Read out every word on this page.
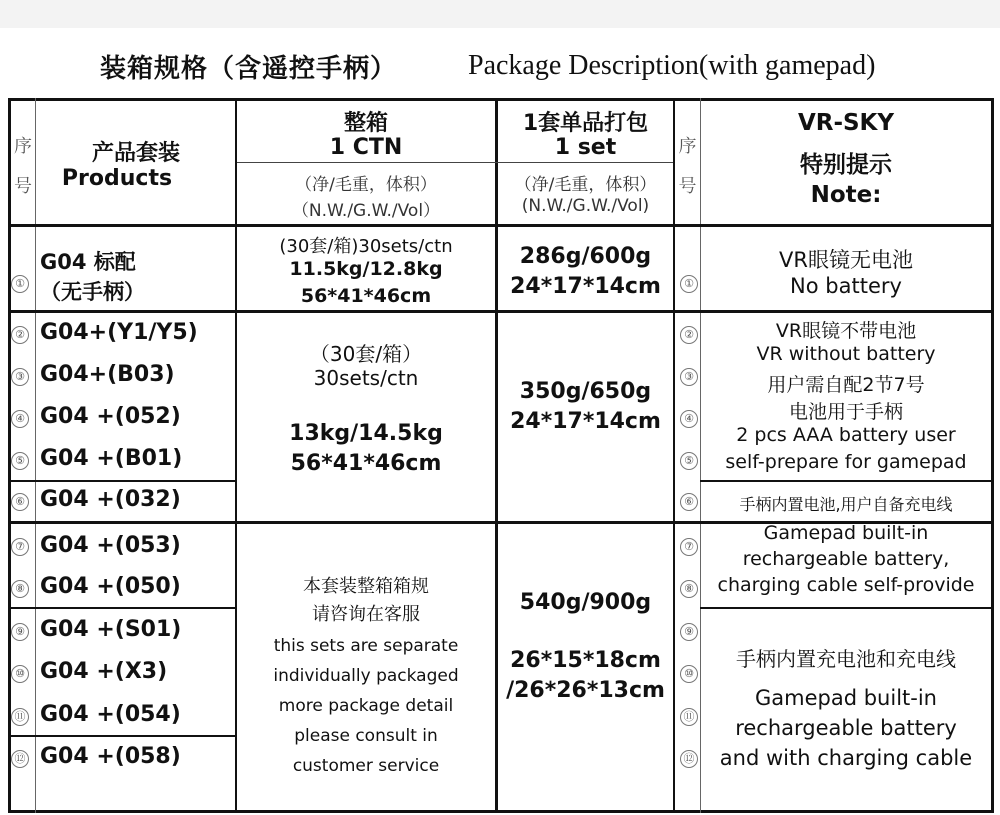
装箱规格（含遥控手柄）	Package Description(with gamepad)
序
号
产品套装
Products
整箱
1 CTN
（净/毛重，体积）
（N.W./G.W./Vol）
1套单品打包
1 set
（净/毛重，体积）
(N.W./G.W./Vol)
序
号
VR-SKY
特别提示
Note:
①
G04 标配
（无手柄）
(30套/箱)30sets/ctn
11.5kg/12.8kg
56*41*46cm
286g/600g
24*17*14cm	①
VR眼镜无电池
No battery
② G04+(Y1/Y5)
③ G04+(B03)
④ G04 +(052)
⑤ G04 +(B01)
⑥ G04 +(032)
（30套/箱）
30sets/ctn
13kg/14.5kg
56*41*46cm
350g/650g
24*17*14cm
②
③
④
⑤
⑥
VR眼镜不带电池
VR without battery
用户需自配2节7号
电池用于手柄
2 pcs AAA battery user
self-prepare for gamepad
手柄内置电池,用户自备充电线
Gamepad built-in
rechargeable battery,
charging cable self-provide
⑦ G04 +(053)
⑧ G04 +(050)
⑨ G04 +(S01)
⑩ G04 +(X3)
⑪ G04 +(054)
⑫ G04 +(058)
本套装整箱箱规
请咨询在客服
this sets are separate
individually packaged
more package detail
please consult in
customer service
540g/900g
26*15*18cm
/26*26*13cm
⑦
⑧
⑨
⑩
⑪
⑫
手柄内置充电池和充电线
Gamepad built-in
rechargeable battery
and with charging cable
